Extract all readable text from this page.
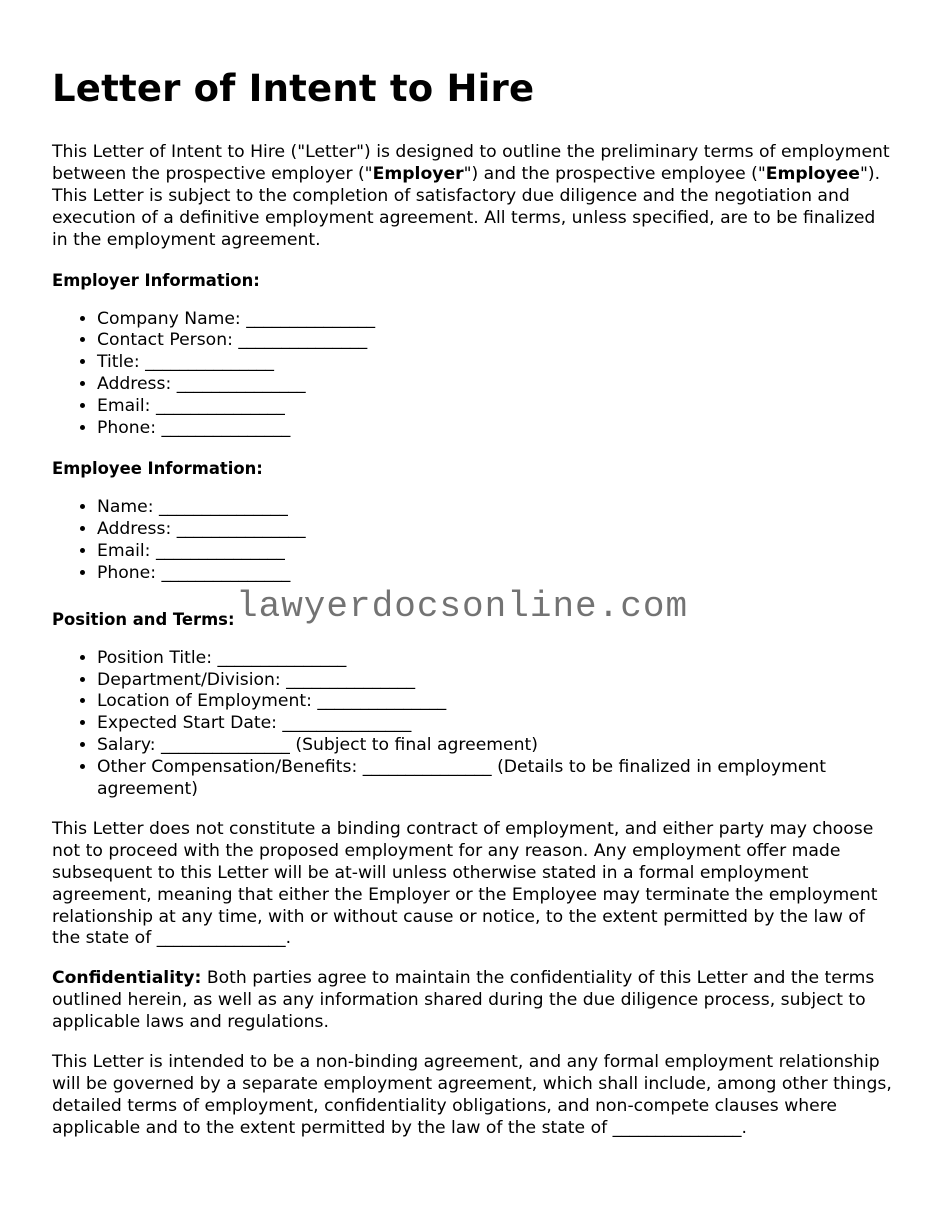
Letter of Intent to Hire

This Letter of Intent to Hire ("Letter") is designed to outline the preliminary terms of employment between the prospective employer ("Employer") and the prospective employee ("Employee"). This Letter is subject to the completion of satisfactory due diligence and the negotiation and execution of a definitive employment agreement. All terms, unless specified, are to be finalized in the employment agreement.

Employer Information:
• Company Name: _______________
• Contact Person: _______________
• Title: _______________
• Address: _______________
• Email: _______________
• Phone: _______________
Employee Information:
• Name: _______________
• Address: _______________
• Email: _______________
• Phone: _______________
Position and Terms:
• Position Title: _______________
• Department/Division: _______________
• Location of Employment: _______________
• Expected Start Date: _______________
• Salary: _______________ (Subject to final agreement)
• Other Compensation/Benefits: _______________ (Details to be finalized in employment agreement)

This Letter does not constitute a binding contract of employment, and either party may choose not to proceed with the proposed employment for any reason. Any employment offer made subsequent to this Letter will be at-will unless otherwise stated in a formal employment agreement, meaning that either the Employer or the Employee may terminate the employment relationship at any time, with or without cause or notice, to the extent permitted by the law of the state of _______________.

Confidentiality: Both parties agree to maintain the confidentiality of this Letter and the terms outlined herein, as well as any information shared during the due diligence process, subject to applicable laws and regulations.

This Letter is intended to be a non-binding agreement, and any formal employment relationship will be governed by a separate employment agreement, which shall include, among other things, detailed terms of employment, confidentiality obligations, and non-compete clauses where applicable and to the extent permitted by the law of the state of _______________.

lawyerdocsonline.com
